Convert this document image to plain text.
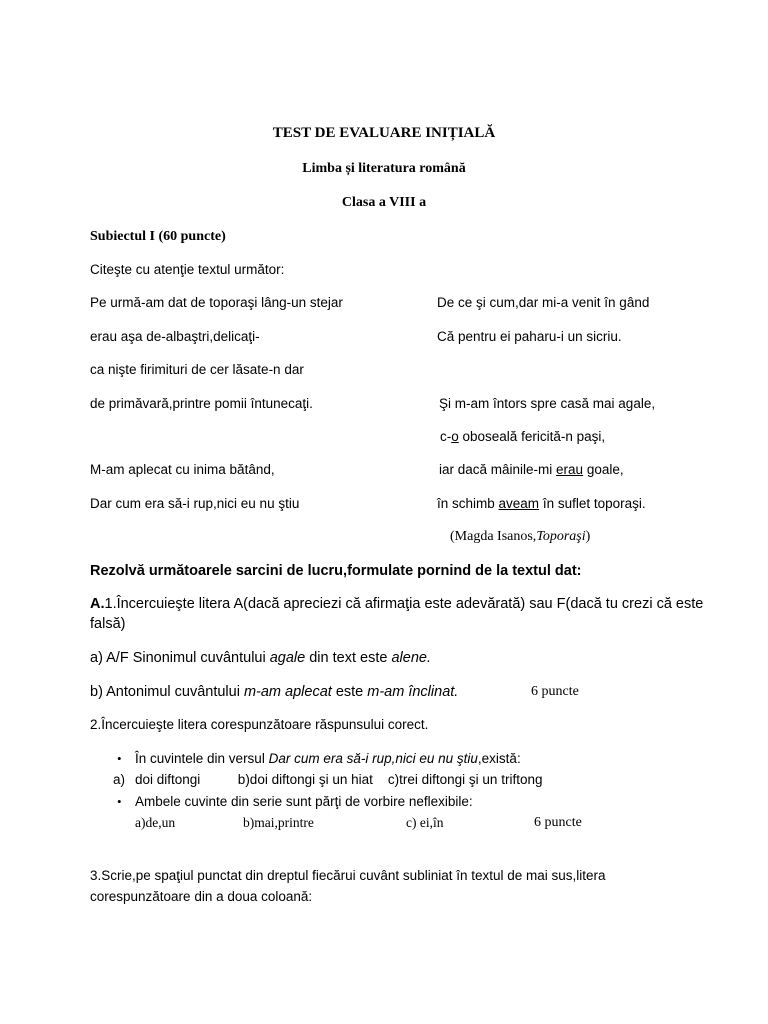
TEST DE EVALUARE INIȚIALĂ
Limba și literatura română
Clasa a VIII a
Subiectul I (60 puncte)
Citeşte cu atenţie textul următor:
Pe urmă-am dat de toporaşi lâng-un stejar
erau aşa de-albaştri,delicaţi-
ca nişte firimituri de cer lăsate-n dar
de primăvară,printre pomii întunecaţi.
M-am aplecat cu inima bătând,
Dar cum era să-i rup,nici eu nu ştiu
De ce şi cum,dar mi-a venit în gând
Că pentru ei paharu-i un sicriu.
Şi m-am întors spre casă mai agale,
c-o oboseală fericită-n paşi,
iar dacă mâinile-mi erau goale,
în schimb aveam în suflet toporaşi.
(Magda Isanos,Toporaşi)
Rezolvă următoarele sarcini de lucru,formulate pornind de la textul dat:
A.1.Încercuieşte litera A(dacă apreciezi că afirmaţia este adevărată) sau F(dacă tu crezi că este
falsă)
a) A/F Sinonimul cuvântului agale din text este alene.
b) Antonimul cuvântului m-am aplecat este m-am înclinat.	6 puncte
2.Încercuieşte litera corespunzătoare răspunsului corect.
• În cuvintele din versul Dar cum era să-i rup,nici eu nu ştiu,există:
a) doi diftongi          b)doi diftongi şi un hiat    c)trei diftongi şi un triftong
• Ambele cuvinte din serie sunt părţi de vorbire neflexibile:
a)de,un	b)mai,printre	c) ei,în	6 puncte
3.Scrie,pe spaţiul punctat din dreptul fiecărui cuvânt subliniat în textul de mai sus,litera
corespunzătoare din a doua coloană:
